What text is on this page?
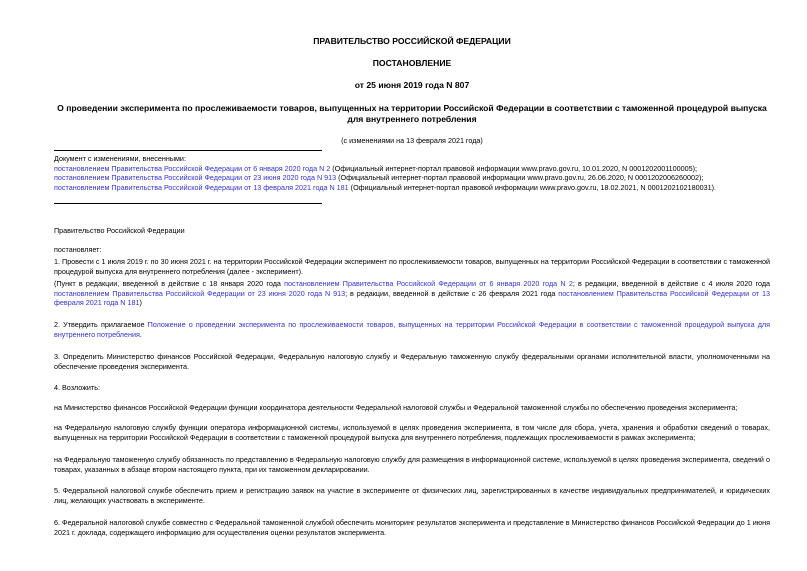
ПРАВИТЕЛЬСТВО РОССИЙСКОЙ ФЕДЕРАЦИИ

ПОСТАНОВЛЕНИЕ

от 25 июня 2019 года N 807

О проведении эксперимента по прослеживаемости товаров, выпущенных на территории Российской Федерации в соответствии с таможенной процедурой выпуска для внутреннего потребления

(с изменениями на 13 февраля 2021 года)

Документ с изменениями, внесенными:

постановлением Правительства Российской Федерации от 6 января 2020 года N 2 (Официальный интернет-портал правовой информации www.pravo.gov.ru, 10.01.2020, N 0001202001100005);

постановлением Правительства Российской Федерации от 23 июня 2020 года N 913 (Официальный интернет-портал правовой информации www.pravo.gov.ru, 26.06.2020, N 0001202006260002);

постановлением Правительства Российской Федерации от 13 февраля 2021 года N 181 (Официальный интернет-портал правовой информации www.pravo.gov.ru, 18.02.2021, N 0001202102180031).

Правительство Российской Федерации

постановляет:

1. Провести с 1 июля 2019 г. по 30 июня 2021 г. на территории Российской Федерации эксперимент по прослеживаемости товаров, выпущенных на территории Российской Федерации в соответствии с таможенной процедурой выпуска для внутреннего потребления (далее - эксперимент).

(Пункт в редакции, введенной в действие с 18 января 2020 года постановлением Правительства Российской Федерации от 6 января 2020 года N 2; в редакции, введенной в действие с 4 июля 2020 года постановлением Правительства Российской Федерации от 23 июня 2020 года N 913; в редакции, введенной в действие с 26 февраля 2021 года постановлением Правительства Российской Федерации от 13 февраля 2021 года N 181)

2. Утвердить прилагаемое Положение о проведении эксперимента по прослеживаемости товаров, выпущенных на территории Российской Федерации в соответствии с таможенной процедурой выпуска для внутреннего потребления.

3. Определить Министерство финансов Российской Федерации, Федеральную налоговую службу и Федеральную таможенную службу федеральными органами исполнительной власти, уполномоченными на обеспечение проведения эксперимента.

4. Возложить:

на Министерство финансов Российской Федерации функции координатора деятельности Федеральной налоговой службы и Федеральной таможенной службы по обеспечению проведения эксперимента;

на Федеральную налоговую службу функции оператора информационной системы, используемой в целях проведения эксперимента, в том числе для сбора, учета, хранения и обработки сведений о товарах, выпущенных на территории Российской Федерации в соответствии с таможенной процедурой выпуска для внутреннего потребления, подлежащих прослеживаемости в рамках эксперимента;

на Федеральную таможенную службу обязанность по представлению в Федеральную налоговую службу для размещения в информационной системе, используемой в целях проведения эксперимента, сведений о товарах, указанных в абзаце втором настоящего пункта, при их таможенном декларировании.

5. Федеральной налоговой службе обеспечить прием и регистрацию заявок на участие в эксперименте от физических лиц, зарегистрированных в качестве индивидуальных предпринимателей, и юридических лиц, желающих участвовать в эксперименте.

6. Федеральной налоговой службе совместно с Федеральной таможенной службой обеспечить мониторинг результатов эксперимента и представление в Министерство финансов Российской Федерации до 1 июня 2021 г. доклада, содержащего информацию для осуществления оценки результатов эксперимента.
